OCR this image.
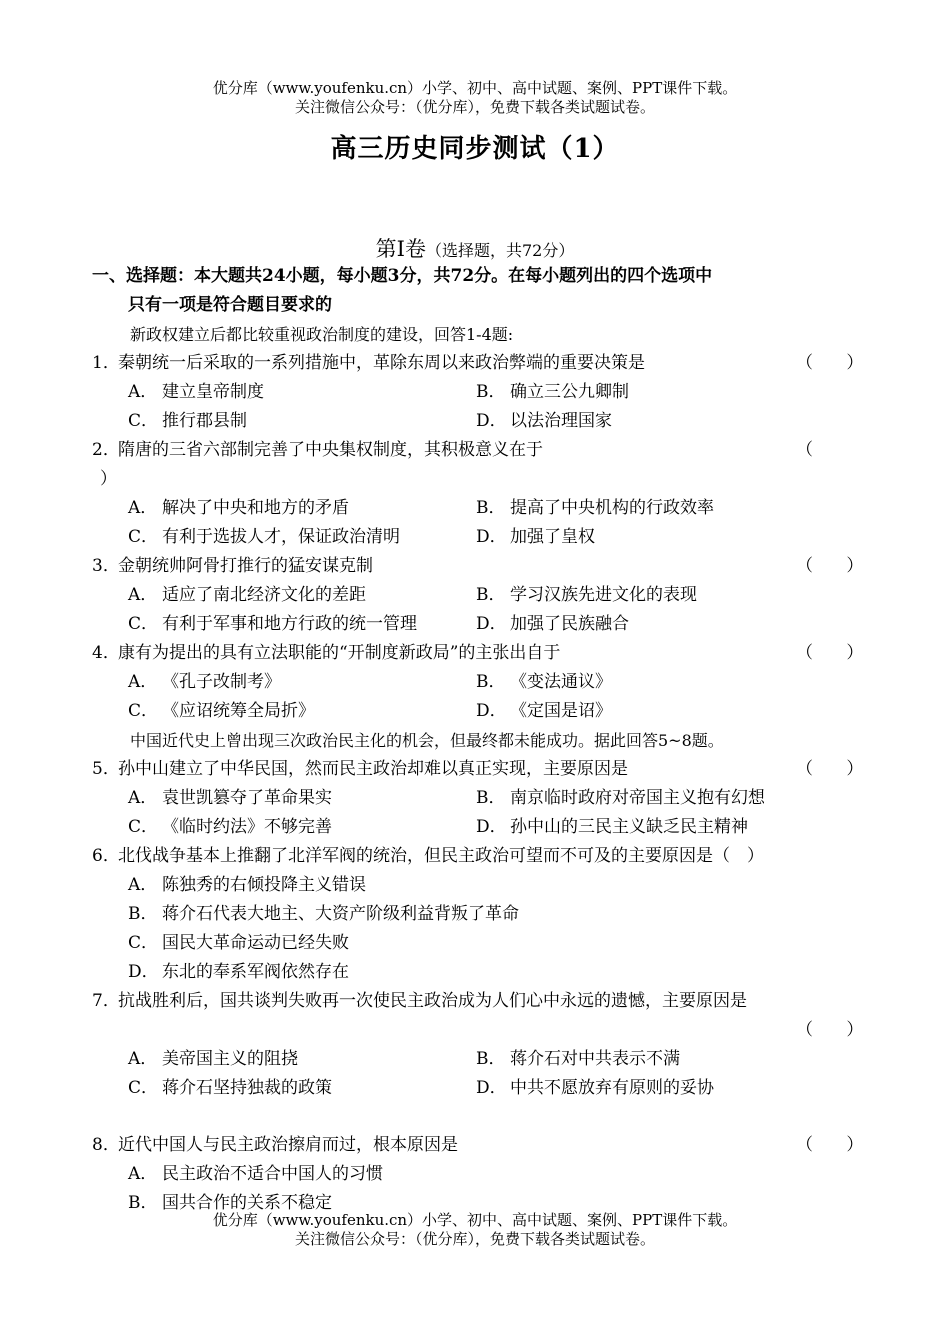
优分库（www.youfenku.cn）小学、初中、高中试题、案例、PPT课件下载。
关注微信公众号：（优分库），免费下载各类试题试卷。
高三历史同步测试（1）
第Ⅰ卷（选择题，共72分）
一、选择题：本大题共24小题，每小题3分，共72分。在每小题列出的四个选项中
只有一项是符合题目要求的
新政权建立后都比较重视政治制度的建设，回答1-4题:
1．秦朝统一后采取的一系列措施中，革除东周以来政治弊端的重要决策是	（ ）
A． 建立皇帝制度	B． 确立三公九卿制
C． 推行郡县制	D． 以法治理国家
2．隋唐的三省六部制完善了中央集权制度，其积极意义在于	（
）
A． 解决了中央和地方的矛盾	B． 提高了中央机构的行政效率
C． 有利于选拔人才，保证政治清明	D． 加强了皇权
3．金朝统帅阿骨打推行的猛安谋克制	（ ）
A． 适应了南北经济文化的差距	B． 学习汉族先进文化的表现
C． 有利于军事和地方行政的统一管理	D． 加强了民族融合
4．康有为提出的具有立法职能的“开制度新政局”的主张出自于	（ ）
A． 《孔子改制考》	B． 《变法通议》
C． 《应诏统筹全局折》	D． 《定国是诏》
中国近代史上曾出现三次政治民主化的机会，但最终都未能成功。据此回答5~8题。
5．孙中山建立了中华民国，然而民主政治却难以真正实现，主要原因是	（ ）
A． 袁世凯篡夺了革命果实	B． 南京临时政府对帝国主义抱有幻想
C． 《临时约法》不够完善	D． 孙中山的三民主义缺乏民主精神
6．北伐战争基本上推翻了北洋军阀的统治，但民主政治可望而不可及的主要原因是（　）
A． 陈独秀的右倾投降主义错误
B． 蒋介石代表大地主、大资产阶级利益背叛了革命
C． 国民大革命运动已经失败
D． 东北的奉系军阀依然存在
7．抗战胜利后，国共谈判失败再一次使民主政治成为人们心中永远的遗憾，主要原因是
（ ）
A． 美帝国主义的阻挠	B． 蒋介石对中共表示不满
C． 蒋介石坚持独裁的政策	D． 中共不愿放弃有原则的妥协
8．近代中国人与民主政治擦肩而过，根本原因是	（ ）
A． 民主政治不适合中国人的习惯
B． 国共合作的关系不稳定
优分库（www.youfenku.cn）小学、初中、高中试题、案例、PPT课件下载。
关注微信公众号：（优分库），免费下载各类试题试卷。
